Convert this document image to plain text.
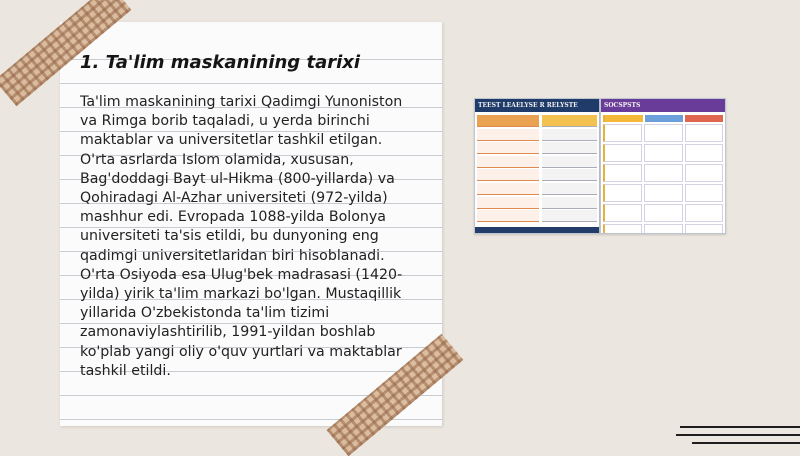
1. Ta'lim maskanining tarixi

Ta'lim maskanining tarixi Qadimgi Yunoniston va Rimga borib taqaladi, u yerda birinchi maktablar va universitetlar tashkil etilgan. O'rta asrlarda Islom olamida, xususan, Bag'doddagi Bayt ul-Hikma (800-yillarda) va Qohiradagi Al-Azhar universiteti (972-yilda) mashhur edi. Evropada 1088-yilda Bolonya universiteti ta'sis etildi, bu dunyoning eng qadimgi universitetlaridan biri hisoblanadi. O'rta Osiyoda esa Ulug'bek madrasasi (1420-yilda) yirik ta'lim markazi bo'lgan. Mustaqillik yillarida O'zbekistonda ta'lim tizimi zamonaviylashtirilib, 1991-yildan boshlab ko'plab yangi oliy o'quv yurtlari va maktablar tashkil etildi.

TEEST LEAELYSE R RELYSTE	SOCSPSTS
